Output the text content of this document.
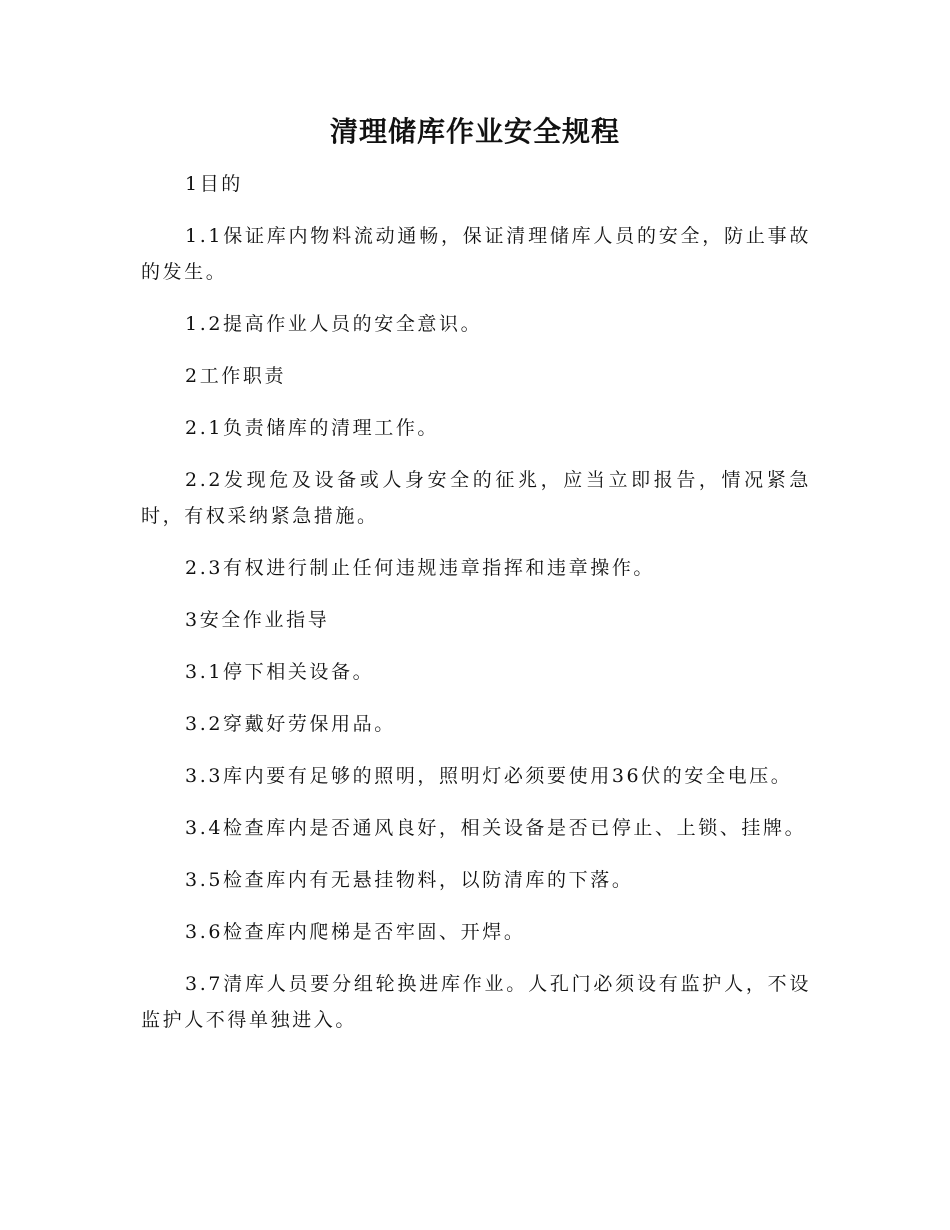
清理储库作业安全规程

1目的

1.1保证库内物料流动通畅，保证清理储库人员的安全，防止事故的发生。

1.2提高作业人员的安全意识。

2工作职责

2.1负责储库的清理工作。

2.2发现危及设备或人身安全的征兆，应当立即报告，情况紧急时，有权采纳紧急措施。

2.3有权进行制止任何违规违章指挥和违章操作。

3安全作业指导

3.1停下相关设备。

3.2穿戴好劳保用品。

3.3库内要有足够的照明，照明灯必须要使用36伏的安全电压。

3.4检查库内是否通风良好，相关设备是否已停止、上锁、挂牌。

3.5检查库内有无悬挂物料，以防清库的下落。

3.6检查库内爬梯是否牢固、开焊。

3.7清库人员要分组轮换进库作业。人孔门必须设有监护人，不设监护人不得单独进入。
